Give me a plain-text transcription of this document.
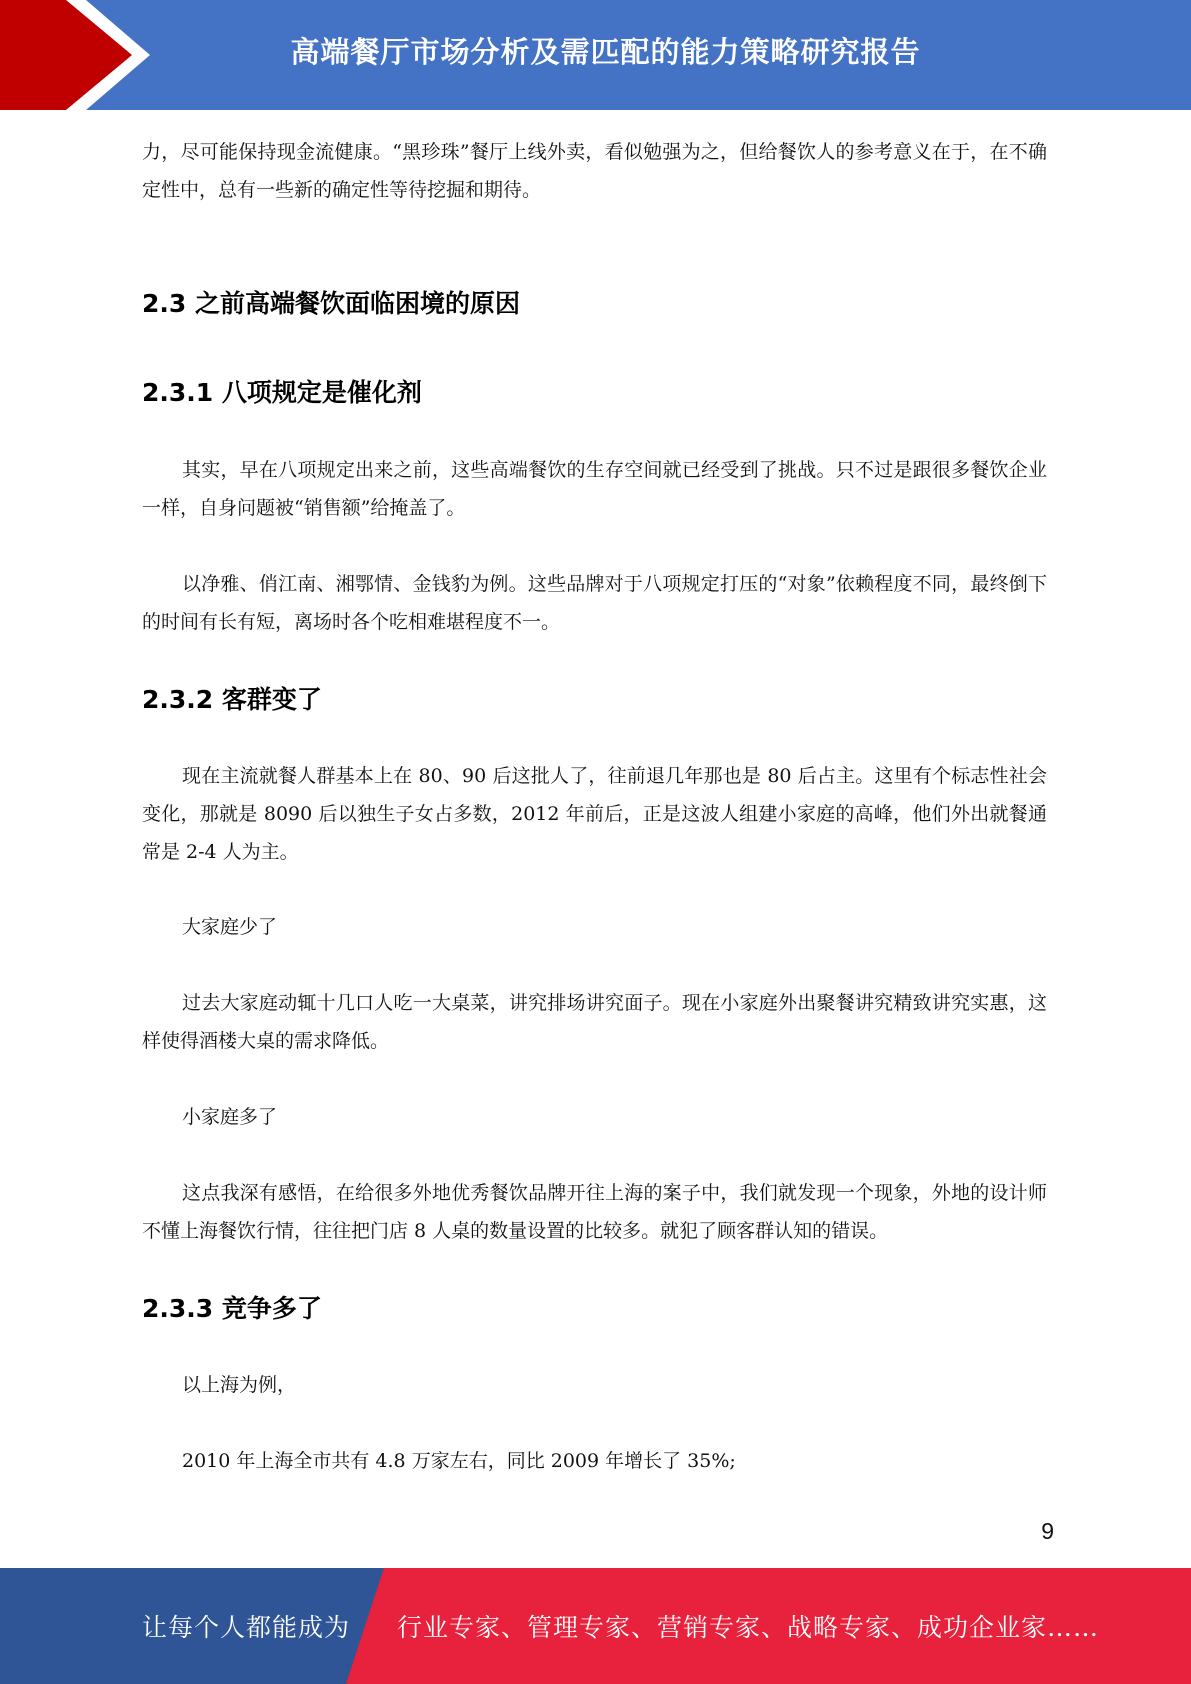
高端餐厅市场分析及需匹配的能力策略研究报告

力，尽可能保持现金流健康。“黑珍珠”餐厅上线外卖，看似勉强为之，但给餐饮人的参考意义在于，在不确定性中，总有一些新的确定性等待挖掘和期待。

2.3 之前高端餐饮面临困境的原因
2.3.1 八项规定是催化剂

其实，早在八项规定出来之前，这些高端餐饮的生存空间就已经受到了挑战。只不过是跟很多餐饮企业一样，自身问题被“销售额”给掩盖了。

以净雅、俏江南、湘鄂情、金钱豹为例。这些品牌对于八项规定打压的“对象”依赖程度不同，最终倒下的时间有长有短，离场时各个吃相难堪程度不一。

2.3.2 客群变了

现在主流就餐人群基本上在 80、90 后这批人了，往前退几年那也是 80 后占主。这里有个标志性社会变化，那就是 8090 后以独生子女占多数，2012 年前后，正是这波人组建小家庭的高峰，他们外出就餐通常是 2-4 人为主。

大家庭少了

过去大家庭动辄十几口人吃一大桌菜，讲究排场讲究面子。现在小家庭外出聚餐讲究精致讲究实惠，这样使得酒楼大桌的需求降低。

小家庭多了

这点我深有感悟，在给很多外地优秀餐饮品牌开往上海的案子中，我们就发现一个现象，外地的设计师不懂上海餐饮行情，往往把门店 8 人桌的数量设置的比较多。就犯了顾客群认知的错误。

2.3.3 竞争多了

以上海为例，

2010 年上海全市共有 4.8 万家左右，同比 2009 年增长了 35%;

9
让每个人都能成为 行业专家、管理专家、营销专家、战略专家、成功企业家……
